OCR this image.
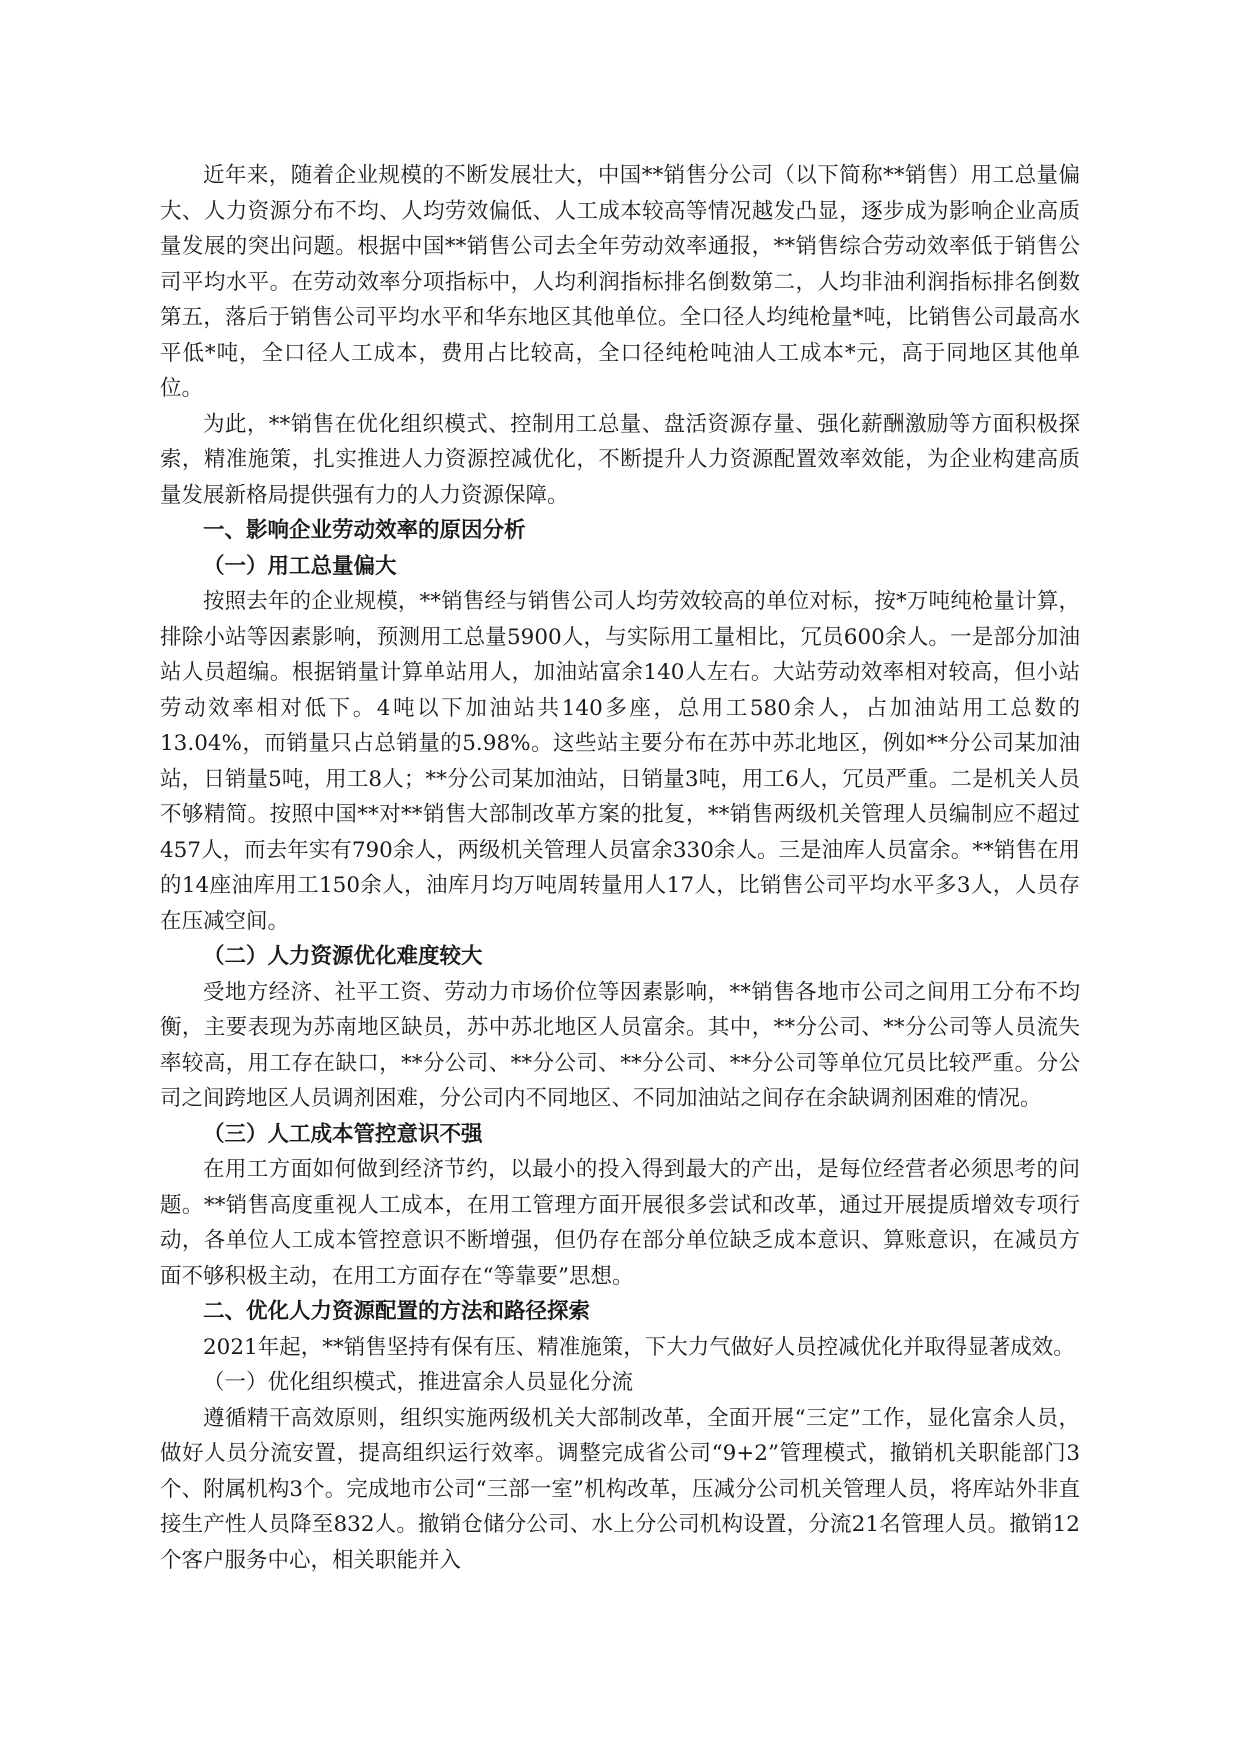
近年来，随着企业规模的不断发展壮大，中国**销售分公司（以下简称**销售）用工总量偏大、人力资源分布不均、人均劳效偏低、人工成本较高等情况越发凸显，逐步成为影响企业高质量发展的突出问题。根据中国**销售公司去全年劳动效率通报，**销售综合劳动效率低于销售公司平均水平。在劳动效率分项指标中，人均利润指标排名倒数第二，人均非油利润指标排名倒数第五，落后于销售公司平均水平和华东地区其他单位。全口径人均纯枪量*吨，比销售公司最高水平低*吨，全口径人工成本，费用占比较高，全口径纯枪吨油人工成本*元，高于同地区其他单位。

为此，**销售在优化组织模式、控制用工总量、盘活资源存量、强化薪酬激励等方面积极探索，精准施策，扎实推进人力资源控减优化，不断提升人力资源配置效率效能，为企业构建高质量发展新格局提供强有力的人力资源保障。

一、影响企业劳动效率的原因分析

（一）用工总量偏大

按照去年的企业规模，**销售经与销售公司人均劳效较高的单位对标，按*万吨纯枪量计算，排除小站等因素影响，预测用工总量5900人，与实际用工量相比，冗员600余人。一是部分加油站人员超编。根据销量计算单站用人，加油站富余140人左右。大站劳动效率相对较高，但小站劳动效率相对低下。4吨以下加油站共140多座，总用工580余人，占加油站用工总数的13.04%，而销量只占总销量的5.98%。这些站主要分布在苏中苏北地区，例如**分公司某加油站，日销量5吨，用工8人；**分公司某加油站，日销量3吨，用工6人，冗员严重。二是机关人员不够精简。按照中国**对**销售大部制改革方案的批复，**销售两级机关管理人员编制应不超过457人，而去年实有790余人，两级机关管理人员富余330余人。三是油库人员富余。**销售在用的14座油库用工150余人，油库月均万吨周转量用人17人，比销售公司平均水平多3人，人员存在压减空间。

（二）人力资源优化难度较大

受地方经济、社平工资、劳动力市场价位等因素影响，**销售各地市公司之间用工分布不均衡，主要表现为苏南地区缺员，苏中苏北地区人员富余。其中，**分公司、**分公司等人员流失率较高，用工存在缺口，**分公司、**分公司、**分公司、**分公司等单位冗员比较严重。分公司之间跨地区人员调剂困难，分公司内不同地区、不同加油站之间存在余缺调剂困难的情况。

（三）人工成本管控意识不强

在用工方面如何做到经济节约，以最小的投入得到最大的产出，是每位经营者必须思考的问题。**销售高度重视人工成本，在用工管理方面开展很多尝试和改革，通过开展提质增效专项行动，各单位人工成本管控意识不断增强，但仍存在部分单位缺乏成本意识、算账意识，在减员方面不够积极主动，在用工方面存在“等靠要”思想。

二、优化人力资源配置的方法和路径探索

2021年起，**销售坚持有保有压、精准施策，下大力气做好人员控减优化并取得显著成效。

（一）优化组织模式，推进富余人员显化分流

遵循精干高效原则，组织实施两级机关大部制改革，全面开展“三定”工作，显化富余人员，做好人员分流安置，提高组织运行效率。调整完成省公司“9+2”管理模式，撤销机关职能部门3个、附属机构3个。完成地市公司“三部一室”机构改革，压减分公司机关管理人员，将库站外非直接生产性人员降至832人。撤销仓储分公司、水上分公司机构设置，分流21名管理人员。撤销12个客户服务中心，相关职能并入
